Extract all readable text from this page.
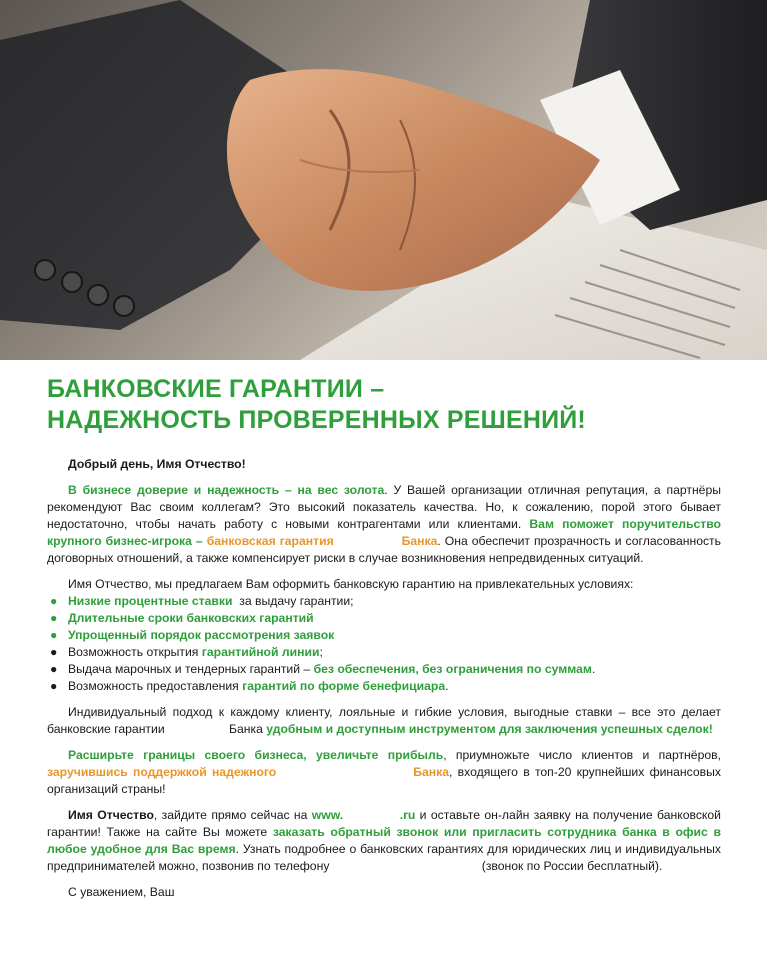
БАНКОВСКИЕ ГАРАНТИИ –
НАДЕЖНОСТЬ ПРОВЕРЕННЫХ РЕШЕНИЙ!
Добрый день, Имя Отчество!
В бизнесе доверие и надежность – на вес золота. У Вашей организации отличная репутация, а партнёры рекомендуют Вас своим коллегам? Это высокий показатель качества. Но, к сожалению, порой этого бывает недостаточно, чтобы начать работу с новыми контрагентами или клиентами. Вам поможет поручительство крупного бизнес-игрока – банковская гарантия	Банка. Она обеспечит прозрачность и согласованность договорных отношений, а также компенсирует риски в случае возникновения непредвиденных ситуаций.
Имя Отчество, мы предлагаем Вам оформить банковскую гарантию на привлекательных условиях:
● Низкие процентные ставки  за выдачу гарантии;
● Длительные сроки банковских гарантий
● Упрощенный порядок рассмотрения заявок
● Возможность открытия гарантийной линии;
● Выдача марочных и тендерных гарантий – без обеспечения, без ограничения по суммам.
● Возможность предоставления гарантий по форме бенефициара.
Индивидуальный подход к каждому клиенту, лояльные и гибкие условия, выгодные ставки – все это делает банковские гарантии                   Банка удобным и доступным инструментом для заключения успешных сделок!
Расширьте границы своего бизнеса, увеличьте прибыль, приумножьте число клиентов и партнёров, заручившись поддержкой надежного	Банка, входящего в топ-20 крупнейших финансовых организаций страны!
Имя Отчество, зайдите прямо сейчас на www.             .ru и оставьте он-лайн заявку на получение банковской гарантии! Также на сайте Вы можете заказать обратный звонок или пригласить сотрудника банка в офис в любое удобное для Вас время. Узнать подробнее о банковских гарантиях для юридических лиц и индивидуальных предпринимателей можно, позвонив по телефону                                             (звонок по России бесплатный).
С уважением, Ваш
